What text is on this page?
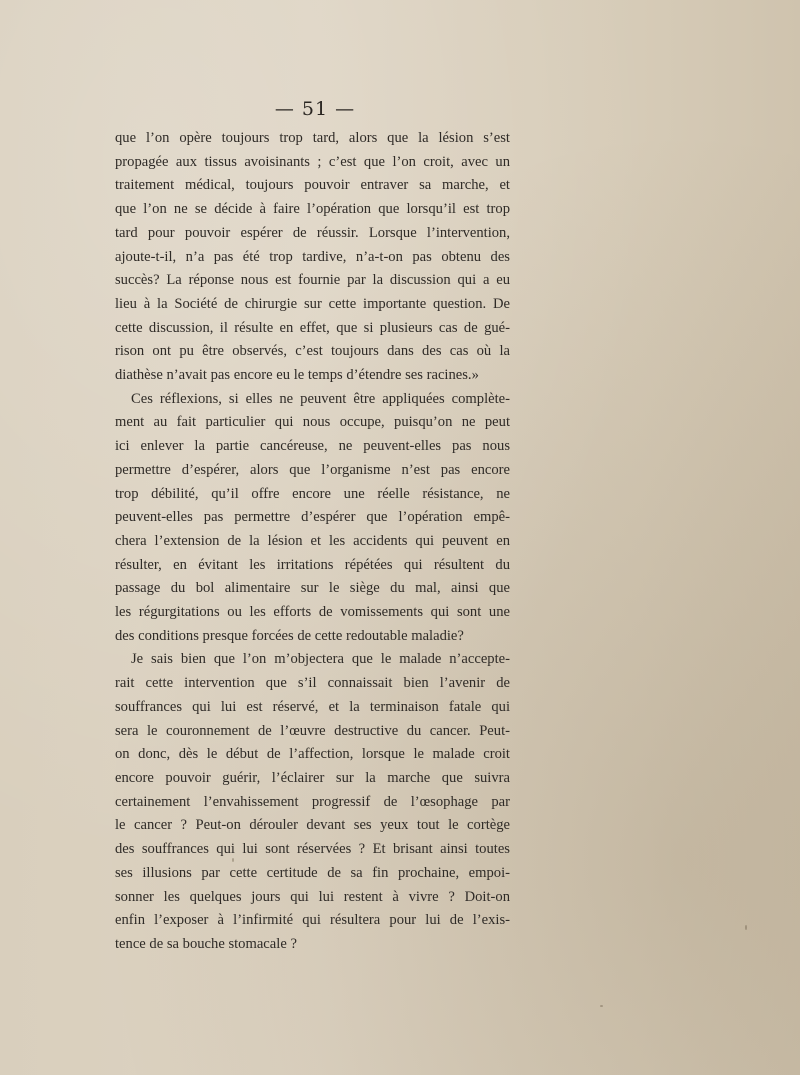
— 51 —
que l’on opère toujours trop tard, alors que la lésion s’est
propagée aux tissus avoisinants ; c’est que l’on croit, avec un
traitement médical, toujours pouvoir entraver sa marche, et
que l’on ne se décide à faire l’opération que lorsqu’il est trop
tard pour pouvoir espérer de réussir. Lorsque l’intervention,
ajoute-t-il, n’a pas été trop tardive, n’a-t-on pas obtenu des
succès? La réponse nous est fournie par la discussion qui a eu
lieu à la Société de chirurgie sur cette importante question. De
cette discussion, il résulte en effet, que si plusieurs cas de gué-
rison ont pu être observés, c’est toujours dans des cas où la
diathèse n’avait pas encore eu le temps d’étendre ses racines.»
Ces réflexions, si elles ne peuvent être appliquées complète-
ment au fait particulier qui nous occupe, puisqu’on ne peut
ici enlever la partie cancéreuse, ne peuvent-elles pas nous
permettre d’espérer, alors que l’organisme n’est pas encore
trop débilité, qu’il offre encore une réelle résistance, ne
peuvent-elles pas permettre d’espérer que l’opération empê-
chera l’extension de la lésion et les accidents qui peuvent en
résulter, en évitant les irritations répétées qui résultent du
passage du bol alimentaire sur le siège du mal, ainsi que
les régurgitations ou les efforts de vomissements qui sont une
des conditions presque forcées de cette redoutable maladie?
Je sais bien que l’on m’objectera que le malade n’accepte-
rait cette intervention que s’il connaissait bien l’avenir de
souffrances qui lui est réservé, et la terminaison fatale qui
sera le couronnement de l’œuvre destructive du cancer. Peut-
on donc, dès le début de l’affection, lorsque le malade croit
encore pouvoir guérir, l’éclairer sur la marche que suivra
certainement l’envahissement progressif de l’œsophage par
le cancer ? Peut-on dérouler devant ses yeux tout le cortège
des souffrances qui lui sont réservées ? Et brisant ainsi toutes
ses illusions par cette certitude de sa fin prochaine, empoi-
sonner les quelques jours qui lui restent à vivre ? Doit-on
enfin l’exposer à l’infirmité qui résultera pour lui de l’exis-
tence de sa bouche stomacale ?
